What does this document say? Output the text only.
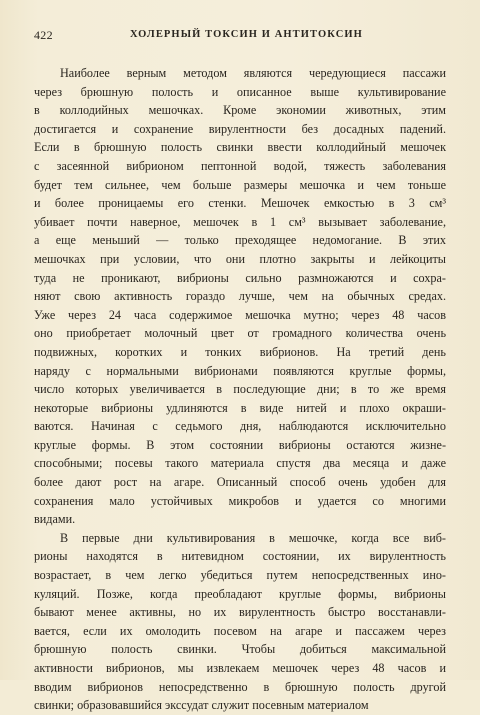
422	ХОЛЕРНЫЙ ТОКСИН И АНТИТОКСИН
Наиболее верным методом являются чередующиеся пассажи
через брюшную полость и описанное выше культивирование
в коллодийных мешочках. Кроме экономии животных, этим
достигается и сохранение вирулентности без досадных падений.
Если в брюшную полость свинки ввести коллодийный мешочек
с засеянной вибрионом пептонной водой, тяжесть заболевания
будет тем сильнее, чем больше размеры мешочка и чем тоньше
и более проницаемы его стенки. Мешочек емкостью в 3 см³
убивает почти наверное, мешочек в 1 см³ вызывает заболевание,
а еще меньший — только преходящее недомогание. В этих
мешочках при условии, что они плотно закрыты и лейкоциты
туда не проникают, вибрионы сильно размножаются и сохра-
няют свою активность гораздо лучше, чем на обычных средах.
Уже через 24 часа содержимое мешочка мутно; через 48 часов
оно приобретает молочный цвет от громадного количества очень
подвижных, коротких и тонких вибрионов. На третий день
наряду с нормальными вибрионами появляются круглые формы,
число которых увеличивается в последующие дни; в то же время
некоторые вибрионы удлиняются в виде нитей и плохо окраши-
ваются. Начиная с седьмого дня, наблюдаются исключительно
круглые формы. В этом состоянии вибрионы остаются жизне-
способными; посевы такого материала спустя два месяца и даже
более дают рост на агаре. Описанный способ очень удобен для
сохранения мало устойчивых микробов и удается со многими
видами.
В первые дни культивирования в мешочке, когда все виб-
рионы находятся в нитевидном состоянии, их вирулентность
возрастает, в чем легко убедиться путем непосредственных ино-
куляций. Позже, когда преобладают круглые формы, вибрионы
бывают менее активны, но их вирулентность быстро восстанавли-
вается, если их омолодить посевом на агаре и пассажем через
брюшную полость свинки. Чтобы добиться максимальной
активности вибрионов, мы извлекаем мешочек через 48 часов и
вводим вибрионов непосредственно в брюшную полость другой
свинки; образовавшийся экссудат служит посевным материалом
